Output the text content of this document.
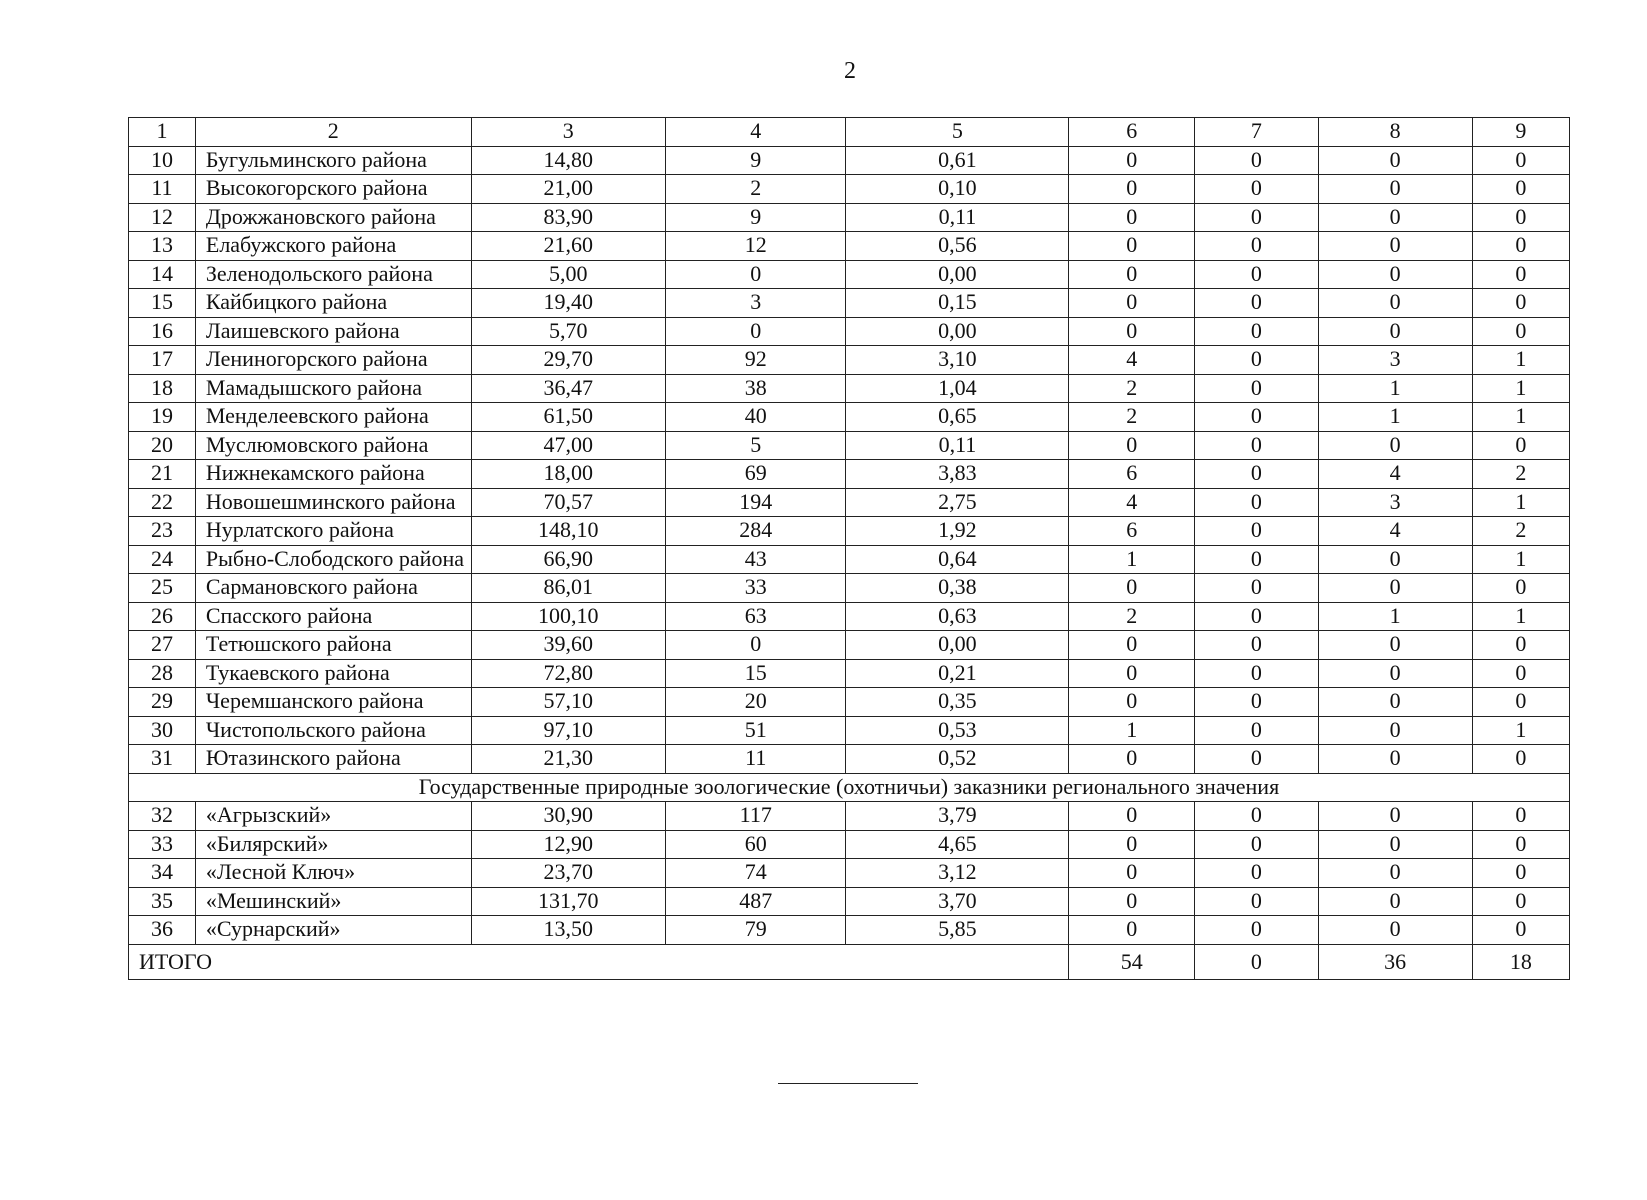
2
1	2	3	4	5	6	7	8	9
10	Бугульминского района	14,80	9	0,61	0	0	0	0
11	Высокогорского района	21,00	2	0,10	0	0	0	0
12	Дрожжановского района	83,90	9	0,11	0	0	0	0
13	Елабужского района	21,60	12	0,56	0	0	0	0
14	Зеленодольского района	5,00	0	0,00	0	0	0	0
15	Кайбицкого района	19,40	3	0,15	0	0	0	0
16	Лаишевского района	5,70	0	0,00	0	0	0	0
17	Лениногорского района	29,70	92	3,10	4	0	3	1
18	Мамадышского района	36,47	38	1,04	2	0	1	1
19	Менделеевского района	61,50	40	0,65	2	0	1	1
20	Муслюмовского района	47,00	5	0,11	0	0	0	0
21	Нижнекамского района	18,00	69	3,83	6	0	4	2
22	Новошешминского района	70,57	194	2,75	4	0	3	1
23	Нурлатского района	148,10	284	1,92	6	0	4	2
24	Рыбно-Слободского района	66,90	43	0,64	1	0	0	1
25	Сармановского района	86,01	33	0,38	0	0	0	0
26	Спасского района	100,10	63	0,63	2	0	1	1
27	Тетюшского района	39,60	0	0,00	0	0	0	0
28	Тукаевского района	72,80	15	0,21	0	0	0	0
29	Черемшанского района	57,10	20	0,35	0	0	0	0
30	Чистопольского района	97,10	51	0,53	1	0	0	1
31	Ютазинского района	21,30	11	0,52	0	0	0	0
Государственные природные зоологические (охотничьи) заказники регионального значения								
32	«Агрызский»	30,90	117	3,79	0	0	0	0
33	«Билярский»	12,90	60	4,65	0	0	0	0
34	«Лесной Ключ»	23,70	74	3,12	0	0	0	0
35	«Мешинский»	131,70	487	3,70	0	0	0	0
36	«Сурнарский»	13,50	79	5,85	0	0	0	0
ИТОГО					54	0	36	18
